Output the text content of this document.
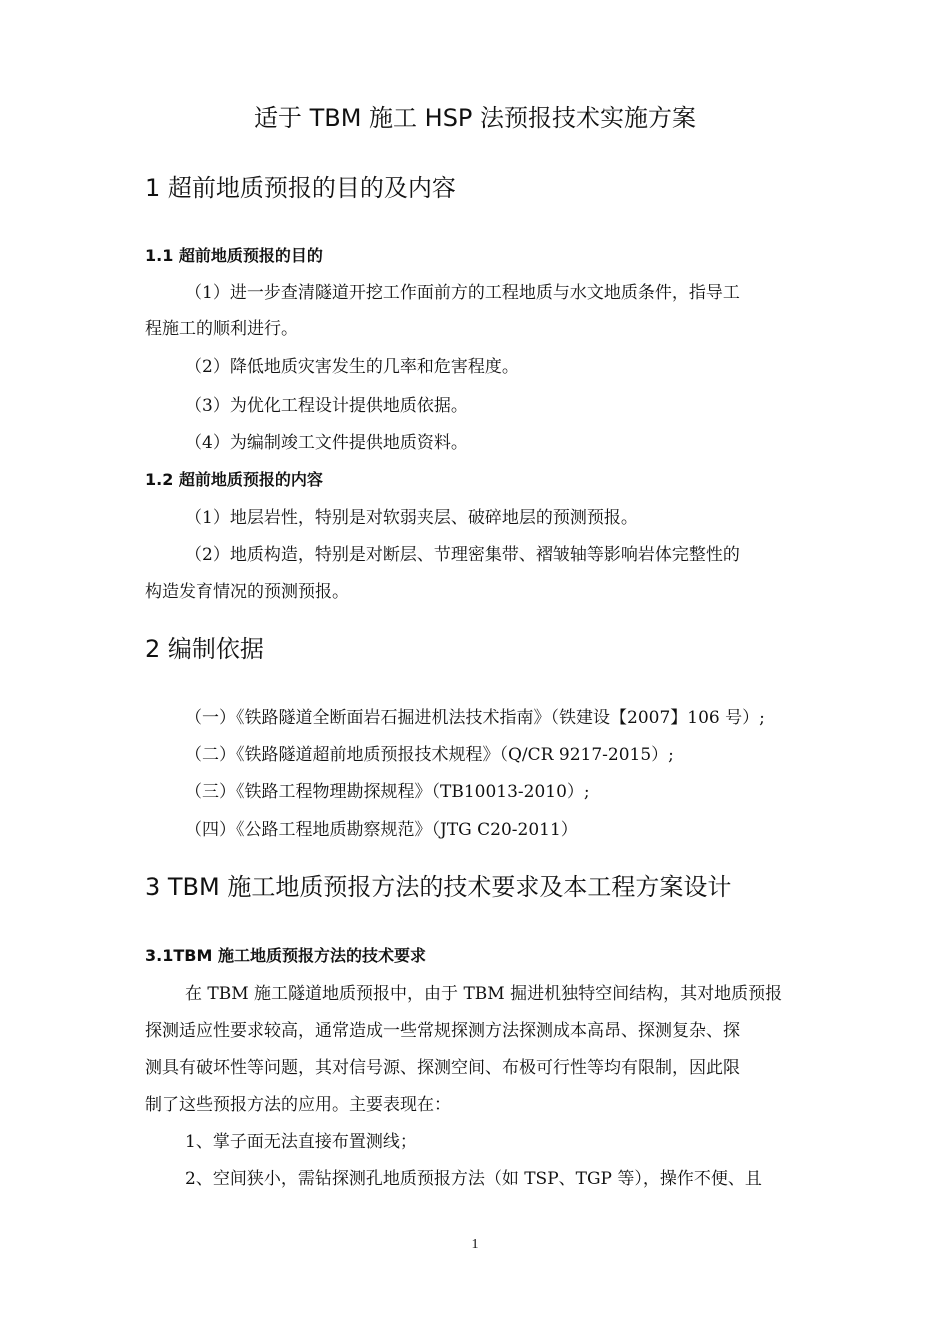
适于 TBM 施工 HSP 法预报技术实施方案
1 超前地质预报的目的及内容
1.1 超前地质预报的目的
（1）进一步查清隧道开挖工作面前方的工程地质与水文地质条件，指导工
程施工的顺利进行。
（2）降低地质灾害发生的几率和危害程度。
（3）为优化工程设计提供地质依据。
（4）为编制竣工文件提供地质资料。
1.2 超前地质预报的内容
（1）地层岩性，特别是对软弱夹层、破碎地层的预测预报。
（2）地质构造，特别是对断层、节理密集带、褶皱轴等影响岩体完整性的
构造发育情况的预测预报。
2 编制依据
（一）《铁路隧道全断面岩石掘进机法技术指南》（铁建设【2007】106 号）;
（二）《铁路隧道超前地质预报技术规程》（Q/CR 9217-2015）;
（三）《铁路工程物理勘探规程》（TB10013-2010）;
（四）《公路工程地质勘察规范》（JTG C20-2011）
3 TBM 施工地质预报方法的技术要求及本工程方案设计
3.1TBM 施工地质预报方法的技术要求
在 TBM 施工隧道地质预报中，由于 TBM 掘进机独特空间结构，其对地质预报
探测适应性要求较高，通常造成一些常规探测方法探测成本高昂、探测复杂、探
测具有破坏性等问题，其对信号源、探测空间、布极可行性等均有限制，因此限
制了这些预报方法的应用。主要表现在：
1、掌子面无法直接布置测线；
2、空间狭小，需钻探测孔地质预报方法（如 TSP、TGP 等），操作不便、且
1
